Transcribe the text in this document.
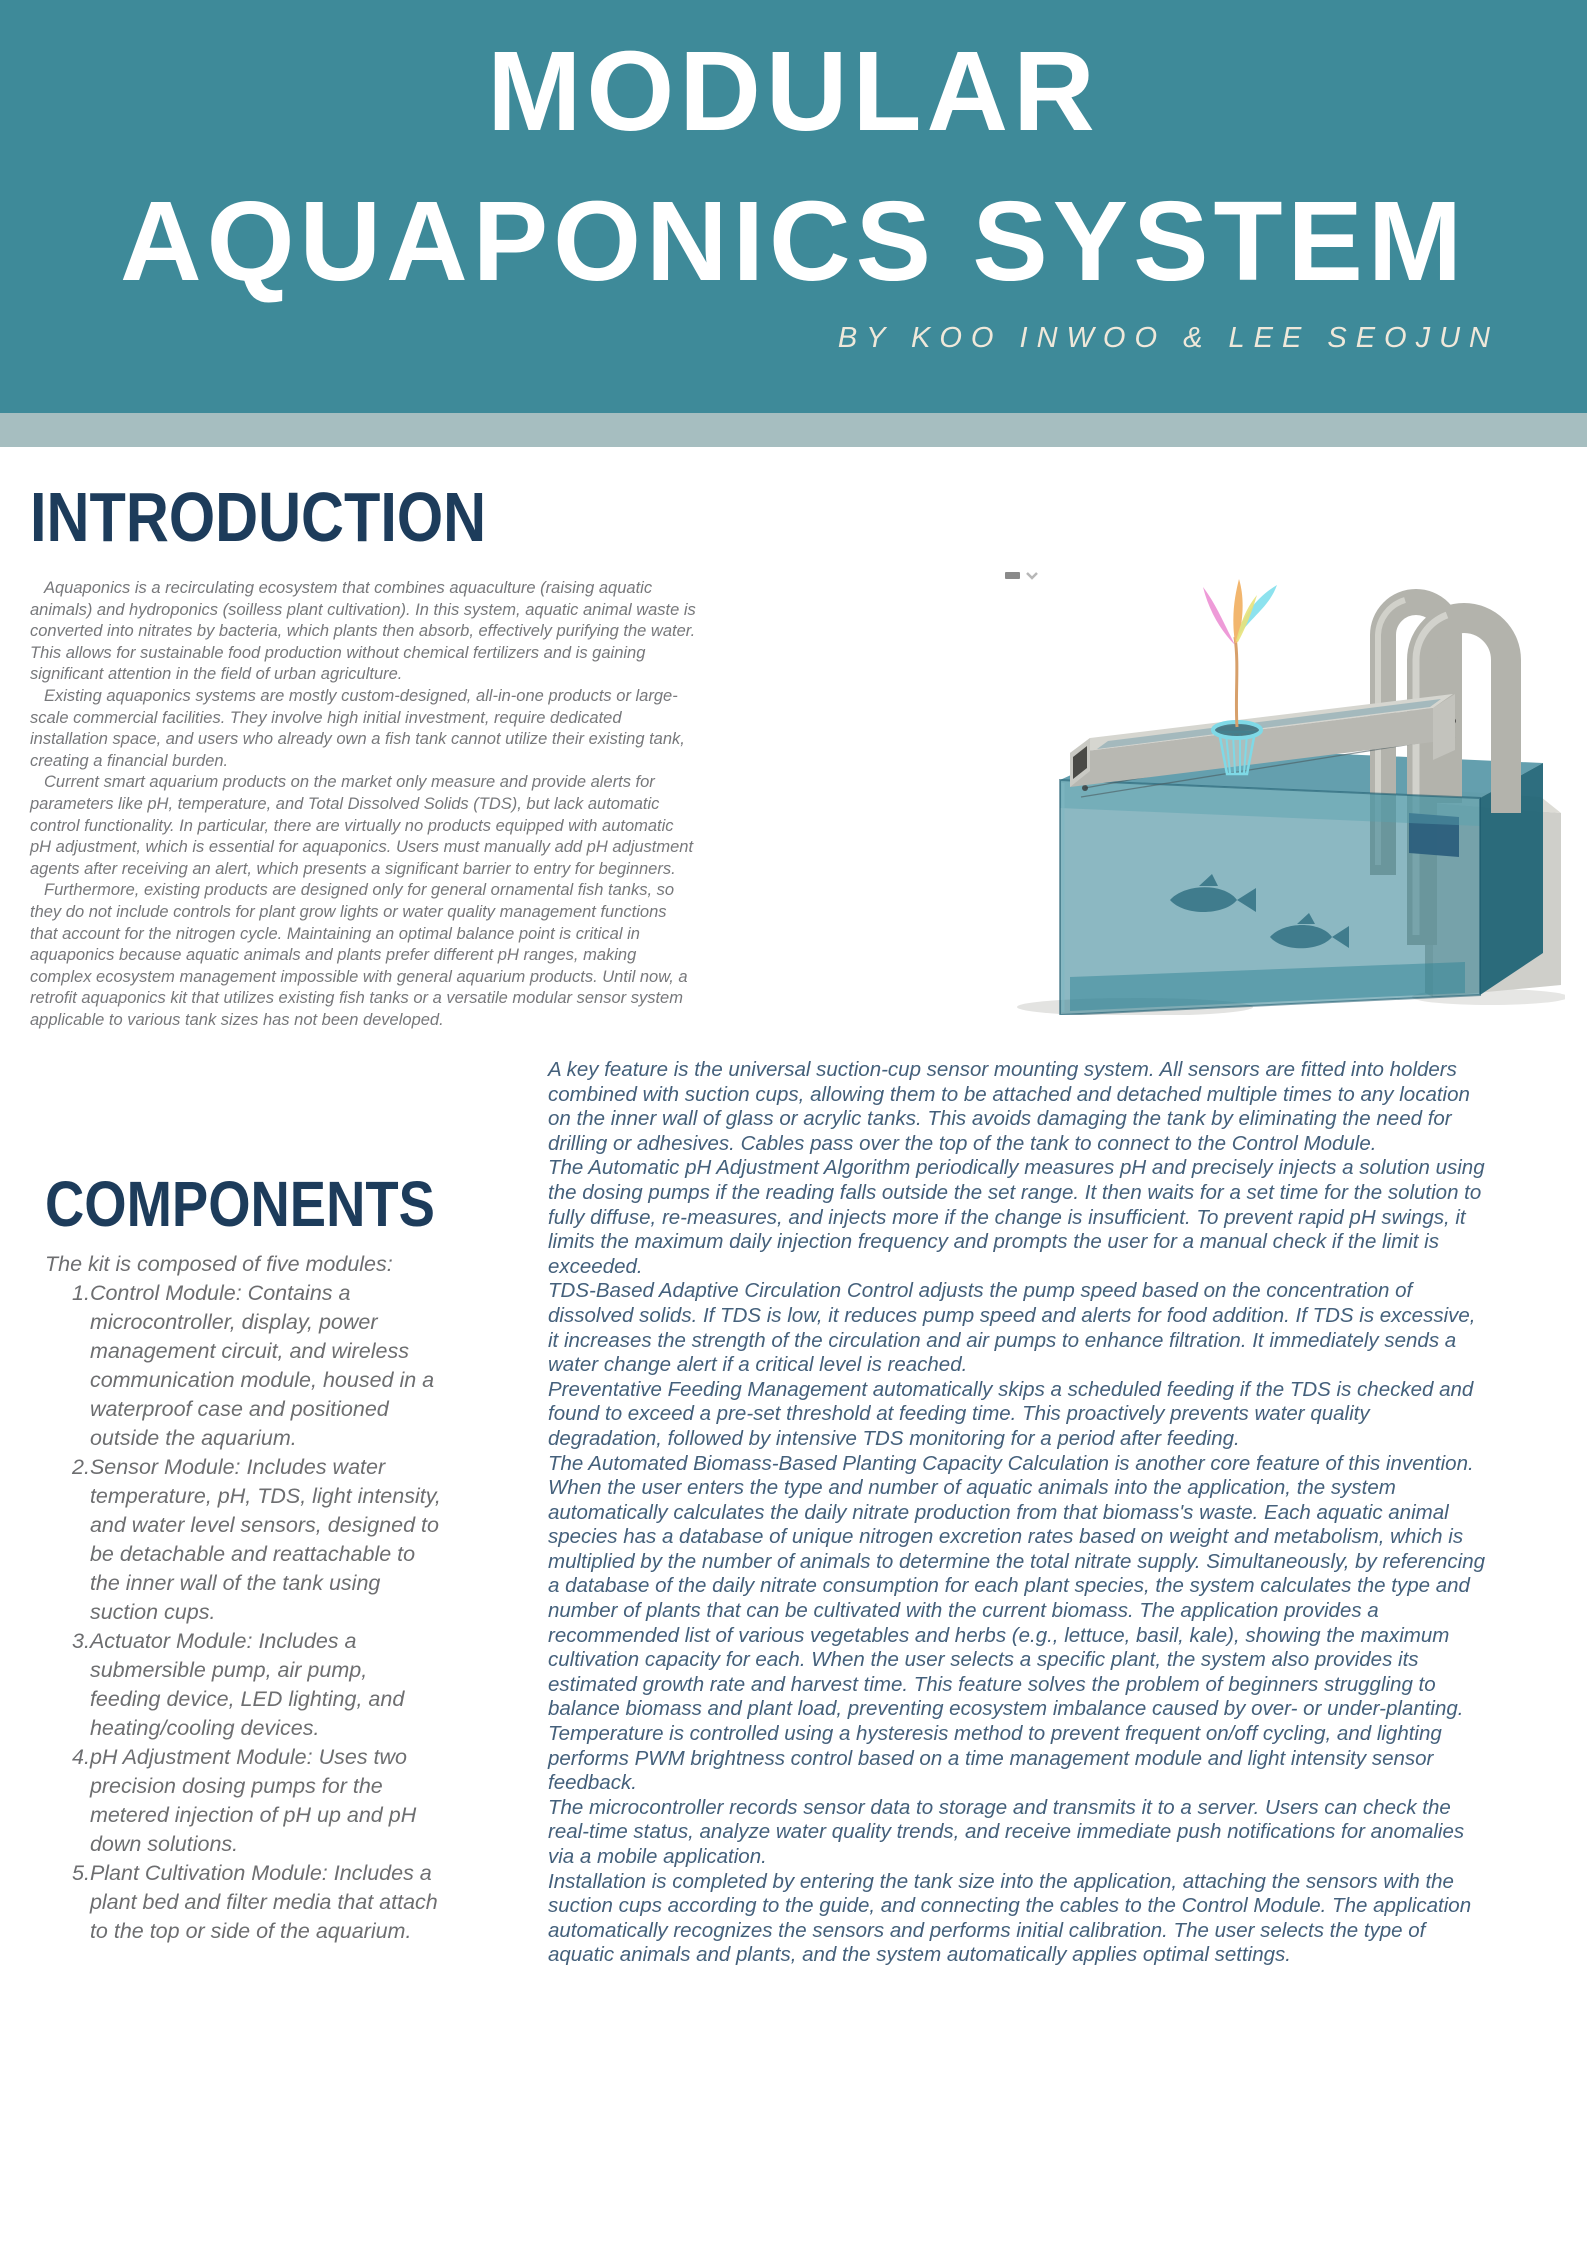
MODULAR
AQUAPONICS SYSTEM
BY KOO INWOO & LEE SEOJUN
INTRODUCTION

Aquaponics is a recirculating ecosystem that combines aquaculture (raising aquatic animals) and hydroponics (soilless plant cultivation). In this system, aquatic animal waste is converted into nitrates by bacteria, which plants then absorb, effectively purifying the water. This allows for sustainable food production without chemical fertilizers and is gaining significant attention in the field of urban agriculture.

Existing aquaponics systems are mostly custom-designed, all-in-one products or large-scale commercial facilities. They involve high initial investment, require dedicated installation space, and users who already own a fish tank cannot utilize their existing tank, creating a financial burden.

Current smart aquarium products on the market only measure and provide alerts for parameters like pH, temperature, and Total Dissolved Solids (TDS), but lack automatic control functionality. In particular, there are virtually no products equipped with automatic pH adjustment, which is essential for aquaponics. Users must manually add pH adjustment agents after receiving an alert, which presents a significant barrier to entry for beginners.

Furthermore, existing products are designed only for general ornamental fish tanks, so they do not include controls for plant grow lights or water quality management functions that account for the nitrogen cycle. Maintaining an optimal balance point is critical in aquaponics because aquatic animals and plants prefer different pH ranges, making complex ecosystem management impossible with general aquarium products. Until now, a retrofit aquaponics kit that utilizes existing fish tanks or a versatile modular sensor system applicable to various tank sizes has not been developed.

COMPONENTS

The kit is composed of five modules:

1. Control Module: Contains a microcontroller, display, power management circuit, and wireless communication module, housed in a waterproof case and positioned outside the aquarium.
2. Sensor Module: Includes water temperature, pH, TDS, light intensity, and water level sensors, designed to be detachable and reattachable to the inner wall of the tank using suction cups.
3. Actuator Module: Includes a submersible pump, air pump, feeding device, LED lighting, and heating/cooling devices.
4. pH Adjustment Module: Uses two precision dosing pumps for the metered injection of pH up and pH down solutions.
5. Plant Cultivation Module: Includes a plant bed and filter media that attach to the top or side of the aquarium.

A key feature is the universal suction-cup sensor mounting system. All sensors are fitted into holders combined with suction cups, allowing them to be attached and detached multiple times to any location on the inner wall of glass or acrylic tanks. This avoids damaging the tank by eliminating the need for drilling or adhesives. Cables pass over the top of the tank to connect to the Control Module.

The Automatic pH Adjustment Algorithm periodically measures pH and precisely injects a solution using the dosing pumps if the reading falls outside the set range. It then waits for a set time for the solution to fully diffuse, re-measures, and injects more if the change is insufficient. To prevent rapid pH swings, it limits the maximum daily injection frequency and prompts the user for a manual check if the limit is exceeded.

TDS-Based Adaptive Circulation Control adjusts the pump speed based on the concentration of dissolved solids. If TDS is low, it reduces pump speed and alerts for food addition. If TDS is excessive, it increases the strength of the circulation and air pumps to enhance filtration. It immediately sends a water change alert if a critical level is reached.

Preventative Feeding Management automatically skips a scheduled feeding if the TDS is checked and found to exceed a pre-set threshold at feeding time. This proactively prevents water quality degradation, followed by intensive TDS monitoring for a period after feeding.

The Automated Biomass-Based Planting Capacity Calculation is another core feature of this invention. When the user enters the type and number of aquatic animals into the application, the system automatically calculates the daily nitrate production from that biomass's waste. Each aquatic animal species has a database of unique nitrogen excretion rates based on weight and metabolism, which is multiplied by the number of animals to determine the total nitrate supply. Simultaneously, by referencing a database of the daily nitrate consumption for each plant species, the system calculates the type and number of plants that can be cultivated with the current biomass. The application provides a recommended list of various vegetables and herbs (e.g., lettuce, basil, kale), showing the maximum cultivation capacity for each. When the user selects a specific plant, the system also provides its estimated growth rate and harvest time. This feature solves the problem of beginners struggling to balance biomass and plant load, preventing ecosystem imbalance caused by over- or under-planting.

Temperature is controlled using a hysteresis method to prevent frequent on/off cycling, and lighting performs PWM brightness control based on a time management module and light intensity sensor feedback.

The microcontroller records sensor data to storage and transmits it to a server. Users can check the real-time status, analyze water quality trends, and receive immediate push notifications for anomalies via a mobile application.

Installation is completed by entering the tank size into the application, attaching the sensors with the suction cups according to the guide, and connecting the cables to the Control Module. The application automatically recognizes the sensors and performs initial calibration. The user selects the type of aquatic animals and plants, and the system automatically applies optimal settings.
